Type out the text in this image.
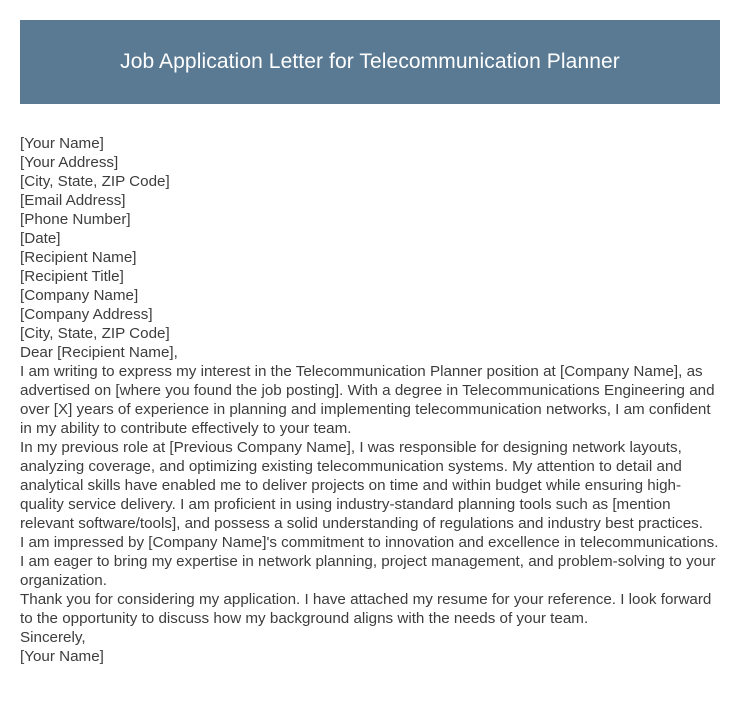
Job Application Letter for Telecommunication Planner

[Your Name]

[Your Address]

[City, State, ZIP Code]

[Email Address]

[Phone Number]

[Date]

[Recipient Name]

[Recipient Title]

[Company Name]

[Company Address]

[City, State, ZIP Code]

Dear [Recipient Name],

I am writing to express my interest in the Telecommunication Planner position at [Company Name], as advertised on [where you found the job posting]. With a degree in Telecommunications Engineering and over [X] years of experience in planning and implementing telecommunication networks, I am confident in my ability to contribute effectively to your team.

In my previous role at [Previous Company Name], I was responsible for designing network layouts, analyzing coverage, and optimizing existing telecommunication systems. My attention to detail and analytical skills have enabled me to deliver projects on time and within budget while ensuring high-quality service delivery. I am proficient in using industry-standard planning tools such as [mention relevant software/tools], and possess a solid understanding of regulations and industry best practices.

I am impressed by [Company Name]'s commitment to innovation and excellence in telecommunications. I am eager to bring my expertise in network planning, project management, and problem-solving to your organization.

Thank you for considering my application. I have attached my resume for your reference. I look forward to the opportunity to discuss how my background aligns with the needs of your team.

Sincerely,

[Your Name]
